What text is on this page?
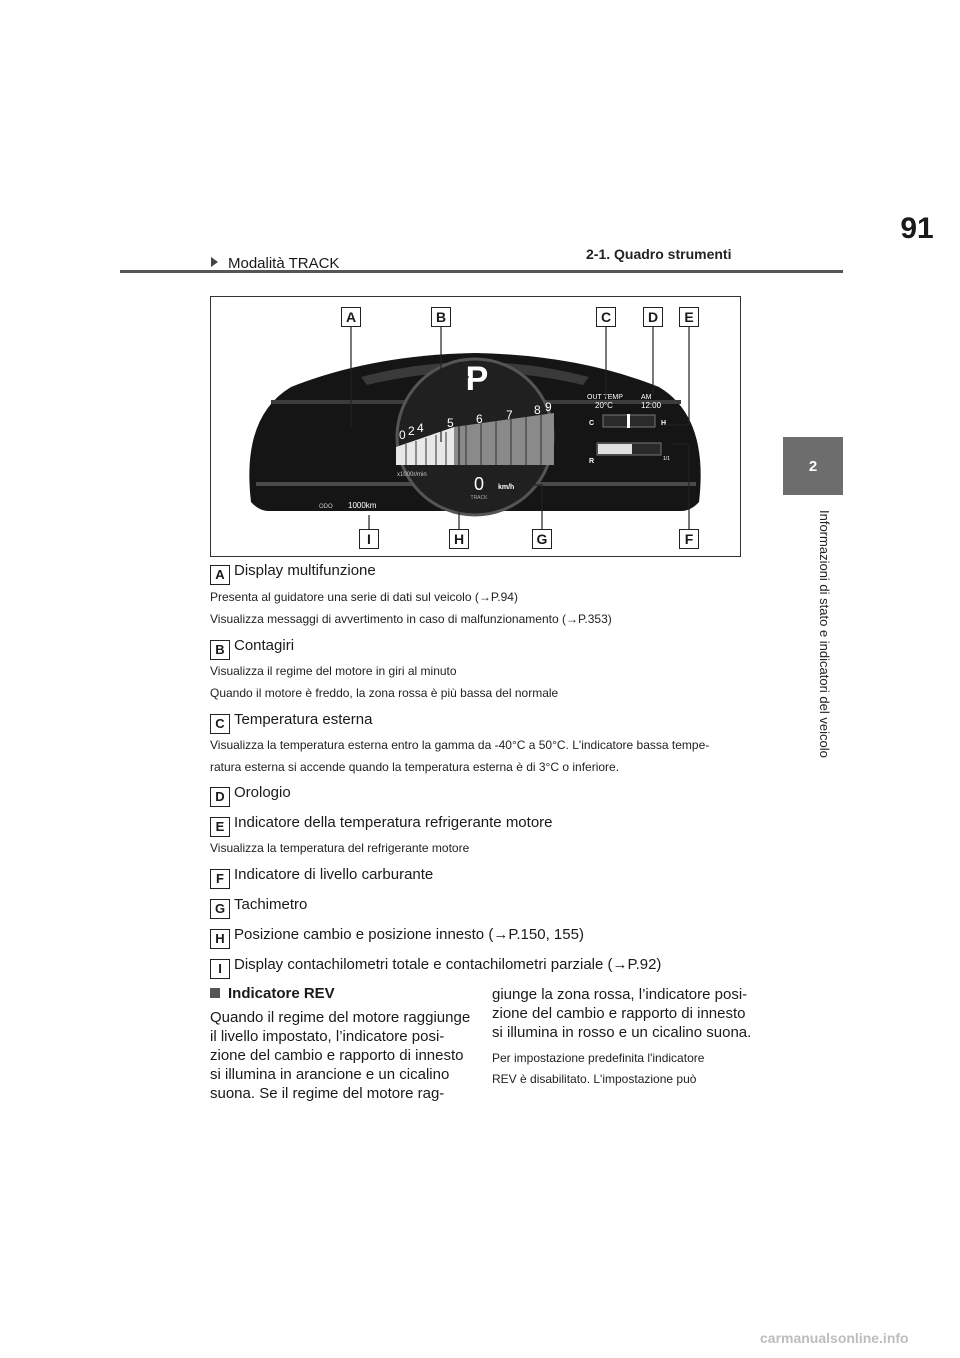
91
2-1. Quadro strumenti
2
Informazioni di stato e indicatori del veicolo
Modalità TRACK
P
0 2 4 5 6 7 8 9
x1000r/min	0 km/h
TRACK
OUT TEMP
20°C
AM
12:00
C	H
R	1/1
ODO 1000km
A	B	C	D	E
I	H	G	F
A Display multifunzione
Presenta al guidatore una serie di dati sul veicolo (→P.94)
Visualizza messaggi di avvertimento in caso di malfunzionamento (→P.353)
B Contagiri
Visualizza il regime del motore in giri al minuto
Quando il motore è freddo, la zona rossa è più bassa del normale
C Temperatura esterna
Visualizza la temperatura esterna entro la gamma da -40°C a 50°C. L'indicatore bassa tempe-
ratura esterna si accende quando la temperatura esterna è di 3°C o inferiore.
D Orologio
E Indicatore della temperatura refrigerante motore
Visualizza la temperatura del refrigerante motore
F Indicatore di livello carburante
G Tachimetro
H Posizione cambio e posizione innesto (→P.150, 155)
I Display contachilometri totale e contachilometri parziale (→P.92)
Indicatore REV
Quando il regime del motore raggiunge
il livello impostato, l’indicatore posi-
zione del cambio e rapporto di innesto
si illumina in arancione e un cicalino
suona. Se il regime del motore rag-
giunge la zona rossa, l’indicatore posi-
zione del cambio e rapporto di innesto
si illumina in rosso e un cicalino suona.
Per impostazione predefinita l'indicatore
REV è disabilitato. L'impostazione può
carmanualsonline.info
